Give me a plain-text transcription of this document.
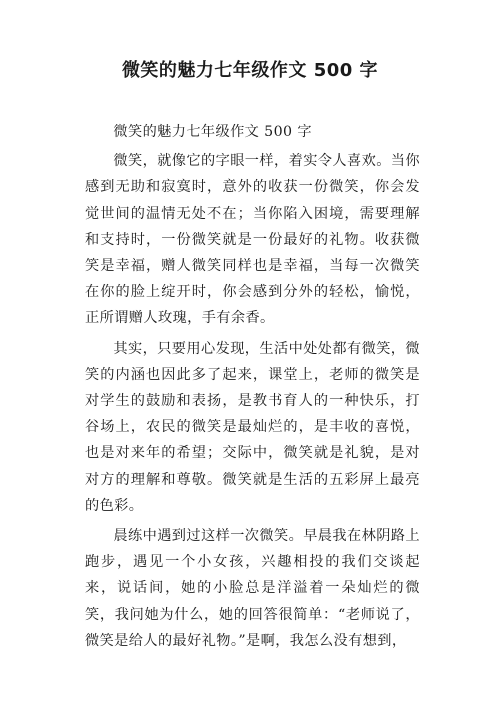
微笑的魅力七年级作文 500 字

微笑的魅力七年级作文 500 字

微笑，就像它的字眼一样，着实令人喜欢。当你感到无助和寂寞时，意外的收获一份微笑，你会发觉世间的温情无处不在；当你陷入困境，需要理解和支持时，一份微笑就是一份最好的礼物。收获微笑是幸福，赠人微笑同样也是幸福，当每一次微笑在你的脸上绽开时，你会感到分外的轻松，愉悦，正所谓赠人玫瑰，手有余香。

其实，只要用心发现，生活中处处都有微笑，微笑的内涵也因此多了起来，课堂上，老师的微笑是对学生的鼓励和表扬，是教书育人的一种快乐，打谷场上，农民的微笑是最灿烂的，是丰收的喜悦，也是对来年的希望；交际中，微笑就是礼貌，是对对方的理解和尊敬。微笑就是生活的五彩屏上最亮的色彩。

晨练中遇到过这样一次微笑。早晨我在林阴路上跑步，遇见一个小女孩，兴趣相投的我们交谈起来，说话间，她的小脸总是洋溢着一朵灿烂的微笑，我问她为什么，她的回答很简单：“老师说了，微笑是给人的最好礼物。”是啊，我怎么没有想到，
